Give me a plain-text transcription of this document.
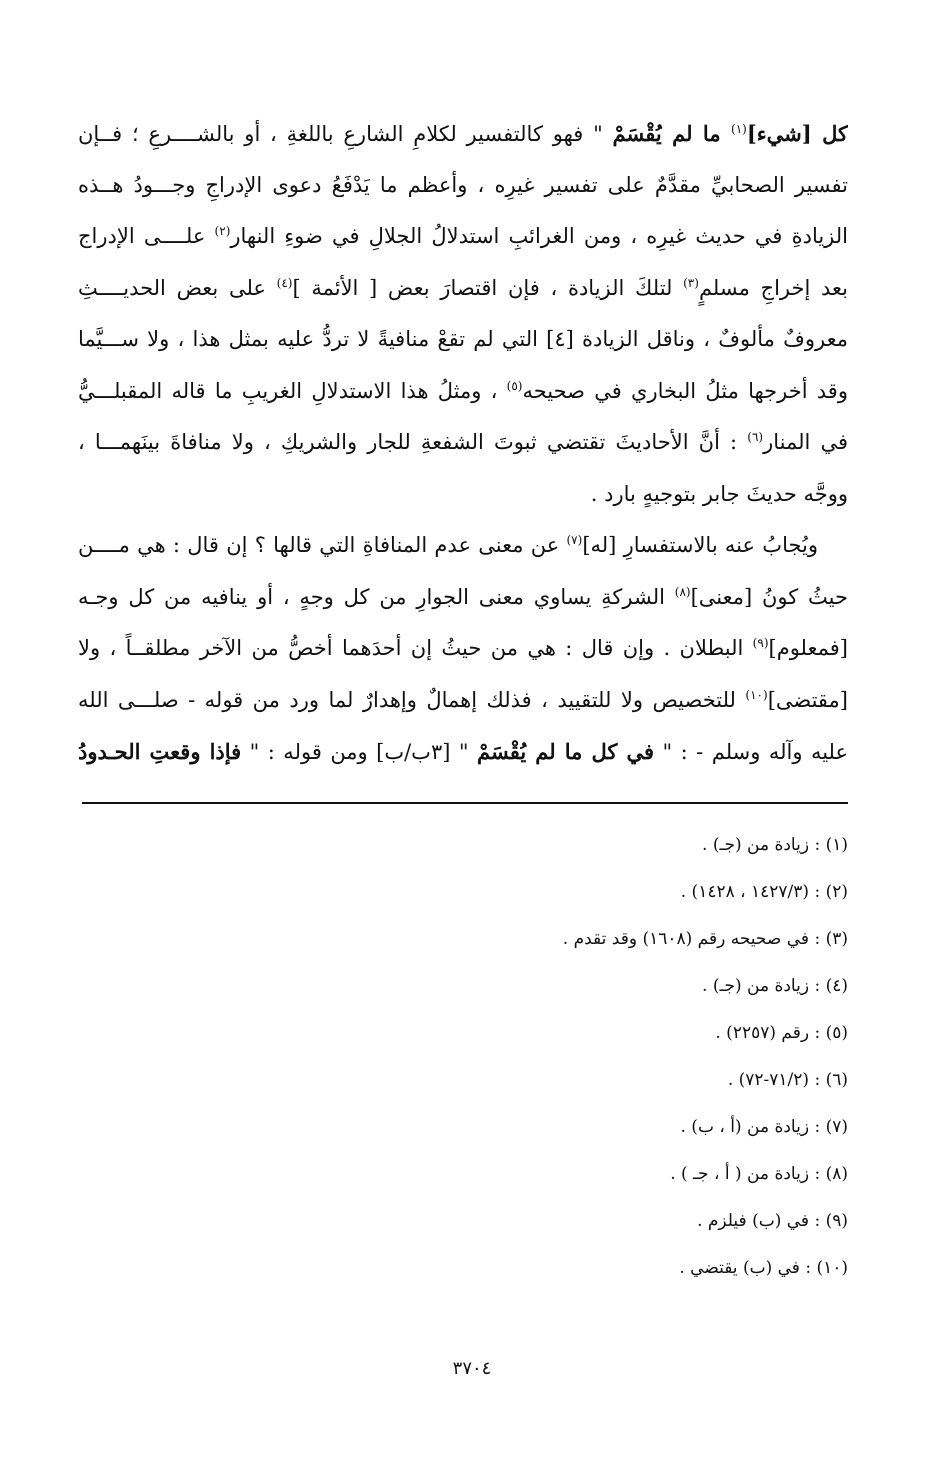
كل [شيء]$^{(١)}$ ما لم يُقْسَمْ " فهو كالتفسير لكلامِ الشارعِ باللغةِ ، أو بالشــــرعِ ؛ فــإن
تفسير الصحابيِّ مقدَّمٌ على تفسير غيرِه ، وأعظم ما يَدْفَعُ دعوى الإدراجِ وجـــودُ هــذه
الزيادةِ في حديث غيرِه ، ومن الغرائبِ استدلالُ الجلالِ في ضوءِ النهار$^{(٢)}$ علــــى الإدراج
بعد إخراجِ مسلمٍ$^{(٣)}$ لتلكَ الزيادة ، فإن اقتصارَ بعض [ الأئمة ]$^{(٤)}$ على بعض الحديــــثِ
معروفٌ مألوفٌ ، وناقل الزيادة [٤] التي لم تقعْ منافيةً لا تردُّ عليه بمثل هذا ، ولا ســـيَّما
وقد أخرجها مثلُ البخاري في صحيحه$^{(٥)}$ ، ومثلُ هذا الاستدلالِ الغريبِ ما قاله المقبلـــيُّ
في المنار$^{(٦)}$ : أنَّ الأحاديثَ تقتضي ثبوتَ الشفعةِ للجار والشريكِ ، ولا منافاةَ بينَهمـــا ،
ووجَّه حديثَ جابر بتوجيهٍ بارد .
ويُجابُ عنه بالاستفسارِ [له]$^{(٧)}$ عن معنى عدم المنافاةِ التي قالها ؟ إن قال : هي مــــن
حيثُ كونُ [معنى]$^{(٨)}$ الشركةِ يساوي معنى الجوارِ من كل وجهٍ ، أو ينافيه من كل وجـه
[فمعلوم]$^{(٩)}$ البطلان . وإن قال : هي من حيثُ إن أحدَهما أخصُّ من الآخر مطلقــاً ، ولا
[مقتضى]$^{(١٠)}$ للتخصيص ولا للتقييد ، فذلك إهمالٌ وإهدارٌ لما ورد من قوله - صلـــى الله
عليه وآله وسلم - : " في كل ما لم يُقْسَمْ " [٣ب/ب] ومن قوله : " فإذا وقعتِ الحـدودُ
(١) : زيادة من (جـ) .
(٢) : (١٤٢٧/٣ ، ١٤٢٨) .
(٣) : في صحيحه رقم (١٦٠٨) وقد تقدم .
(٤) : زيادة من (جـ) .
(٥) : رقم (٢٢٥٧) .
(٦) : (٧١/٢-٧٢) .
(٧) : زيادة من (أ ، ب) .
(٨) : زيادة من ( أ ، جـ ) .
(٩) : في (ب) فيلزم .
(١٠) : في (ب) يقتضي .
٣٧٠٤
